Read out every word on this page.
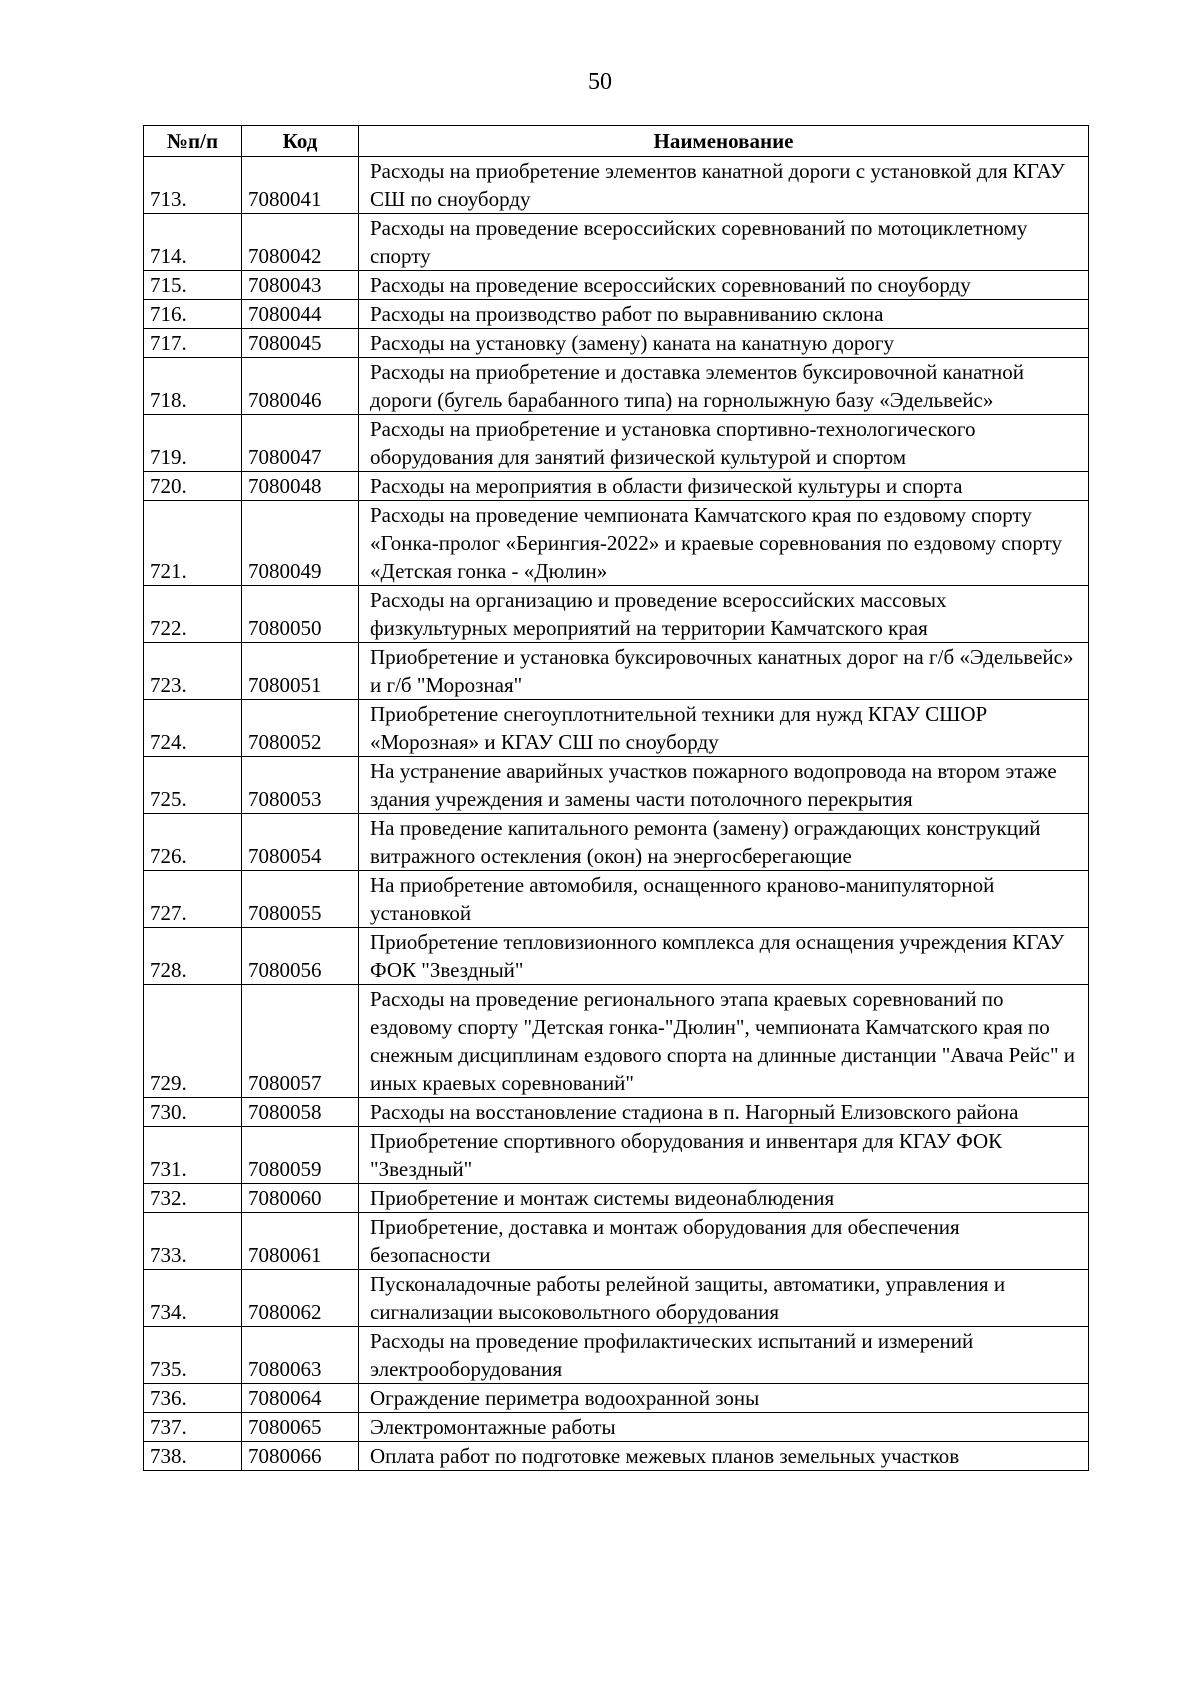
50
№п/п	Код	Наименование
713.	7080041	Расходы на приобретение элементов канатной дороги с установкой для КГАУ СШ по сноуборду
714.	7080042	Расходы на проведение всероссийских соревнований по мотоциклетному спорту
715.	7080043	Расходы на проведение всероссийских соревнований по сноуборду
716.	7080044	Расходы на производство работ по выравниванию склона
717.	7080045	Расходы на установку (замену) каната на канатную дорогу
718.	7080046	Расходы на приобретение и доставка элементов буксировочной канатной дороги (бугель барабанного типа) на горнолыжную базу «Эдельвейс»
719.	7080047	Расходы на приобретение и установка спортивно-технологического оборудования для занятий физической культурой и спортом
720.	7080048	Расходы на мероприятия в области физической культуры и спорта
721.	7080049	Расходы на проведение чемпионата Камчатского края по ездовому спорту «Гонка-пролог «Берингия-2022» и краевые соревнования по ездовому спорту «Детская гонка - «Дюлин»
722.	7080050	Расходы на организацию и проведение всероссийских массовых физкультурных мероприятий на территории Камчатского края
723.	7080051	Приобретение и установка буксировочных канатных дорог на г/б «Эдельвейс» и г/б "Морозная"
724.	7080052	Приобретение снегоуплотнительной техники для нужд КГАУ СШОР «Морозная» и КГАУ СШ по сноуборду
725.	7080053	На устранение аварийных участков пожарного водопровода на втором этаже здания учреждения и замены части потолочного перекрытия
726.	7080054	На проведение капитального ремонта (замену) ограждающих конструкций витражного остекления (окон) на энергосберегающие
727.	7080055	На приобретение автомобиля, оснащенного краново-манипуляторной установкой
728.	7080056	Приобретение тепловизионного комплекса для оснащения учреждения КГАУ ФОК "Звездный"
729.	7080057	Расходы на проведение регионального этапа краевых соревнований по ездовому спорту "Детская гонка-"Дюлин", чемпионата Камчатского края по снежным дисциплинам ездового спорта на длинные дистанции "Авача Рейс" и иных краевых соревнований"
730.	7080058	Расходы на восстановление стадиона в п. Нагорный Елизовского района
731.	7080059	Приобретение спортивного оборудования и инвентаря для КГАУ ФОК "Звездный"
732.	7080060	Приобретение и монтаж системы видеонаблюдения
733.	7080061	Приобретение, доставка и монтаж оборудования для обеспечения безопасности
734.	7080062	Пусконаладочные работы релейной защиты, автоматики, управления и сигнализации высоковольтного оборудования
735.	7080063	Расходы на проведение профилактических испытаний и измерений электрооборудования
736.	7080064	Ограждение периметра водоохранной зоны
737.	7080065	Электромонтажные работы
738.	7080066	Оплата работ по подготовке межевых планов земельных участков
